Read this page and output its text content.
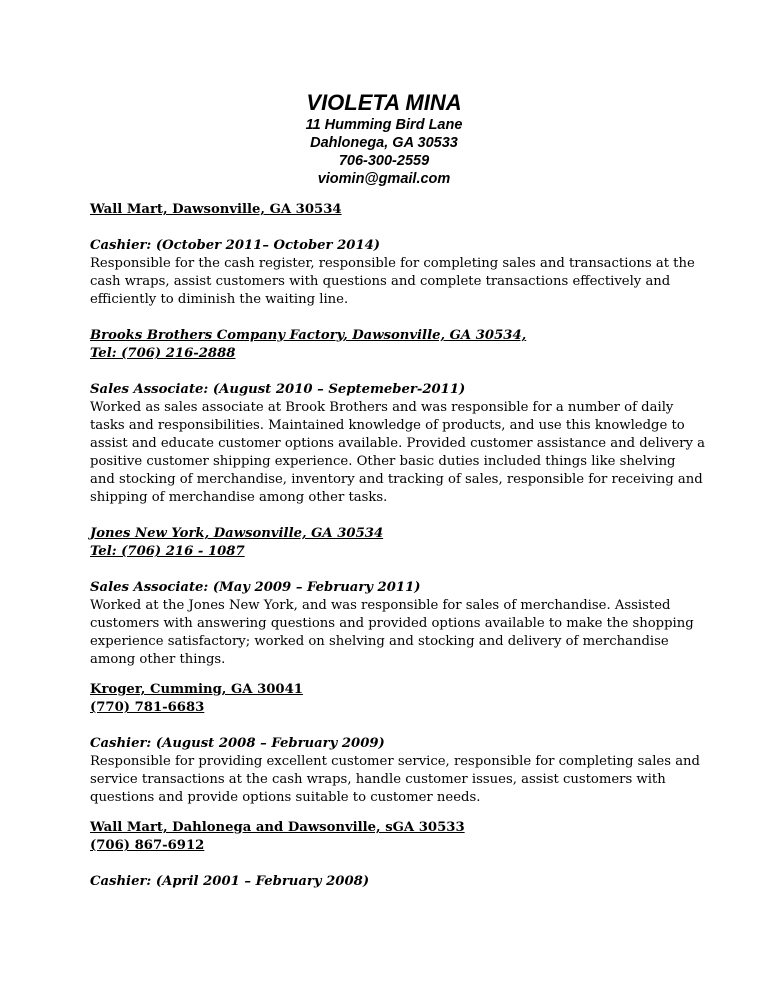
VIOLETA MINA
11 Humming Bird Lane
Dahlonega, GA 30533
706-300-2559
viomin@gmail.com
Wall Mart, Dawsonville, GA 30534
Cashier: (October 2011– October 2014)
Responsible for the cash register, responsible for completing sales and transactions at the
cash wraps, assist customers with questions and complete transactions effectively and
efficiently to diminish the waiting line.
Brooks Brothers Company Factory, Dawsonville, GA 30534,
Tel: (706) 216-2888
Sales Associate: (August 2010 – Septemeber-2011)
Worked as sales associate at Brook Brothers and was responsible for a number of daily
tasks and responsibilities. Maintained knowledge of products, and use this knowledge to
assist and educate customer options available. Provided customer assistance and delivery a
positive customer shipping experience. Other basic duties included things like shelving
and stocking of merchandise, inventory and tracking of sales, responsible for receiving and
shipping of merchandise among other tasks.
Jones New York, Dawsonville, GA 30534
Tel: (706) 216 - 1087
Sales Associate: (May 2009 – February 2011)
Worked at the Jones New York, and was responsible for sales of merchandise. Assisted
customers with answering questions and provided options available to make the shopping
experience satisfactory; worked on shelving and stocking and delivery of merchandise
among other things.
Kroger, Cumming, GA 30041
(770) 781-6683
Cashier: (August 2008 – February 2009)
Responsible for providing excellent customer service, responsible for completing sales and
service transactions at the cash wraps, handle customer issues, assist customers with
questions and provide options suitable to customer needs.
Wall Mart, Dahlonega and Dawsonville, sGA 30533
(706) 867-6912
Cashier: (April 2001 – February 2008)
